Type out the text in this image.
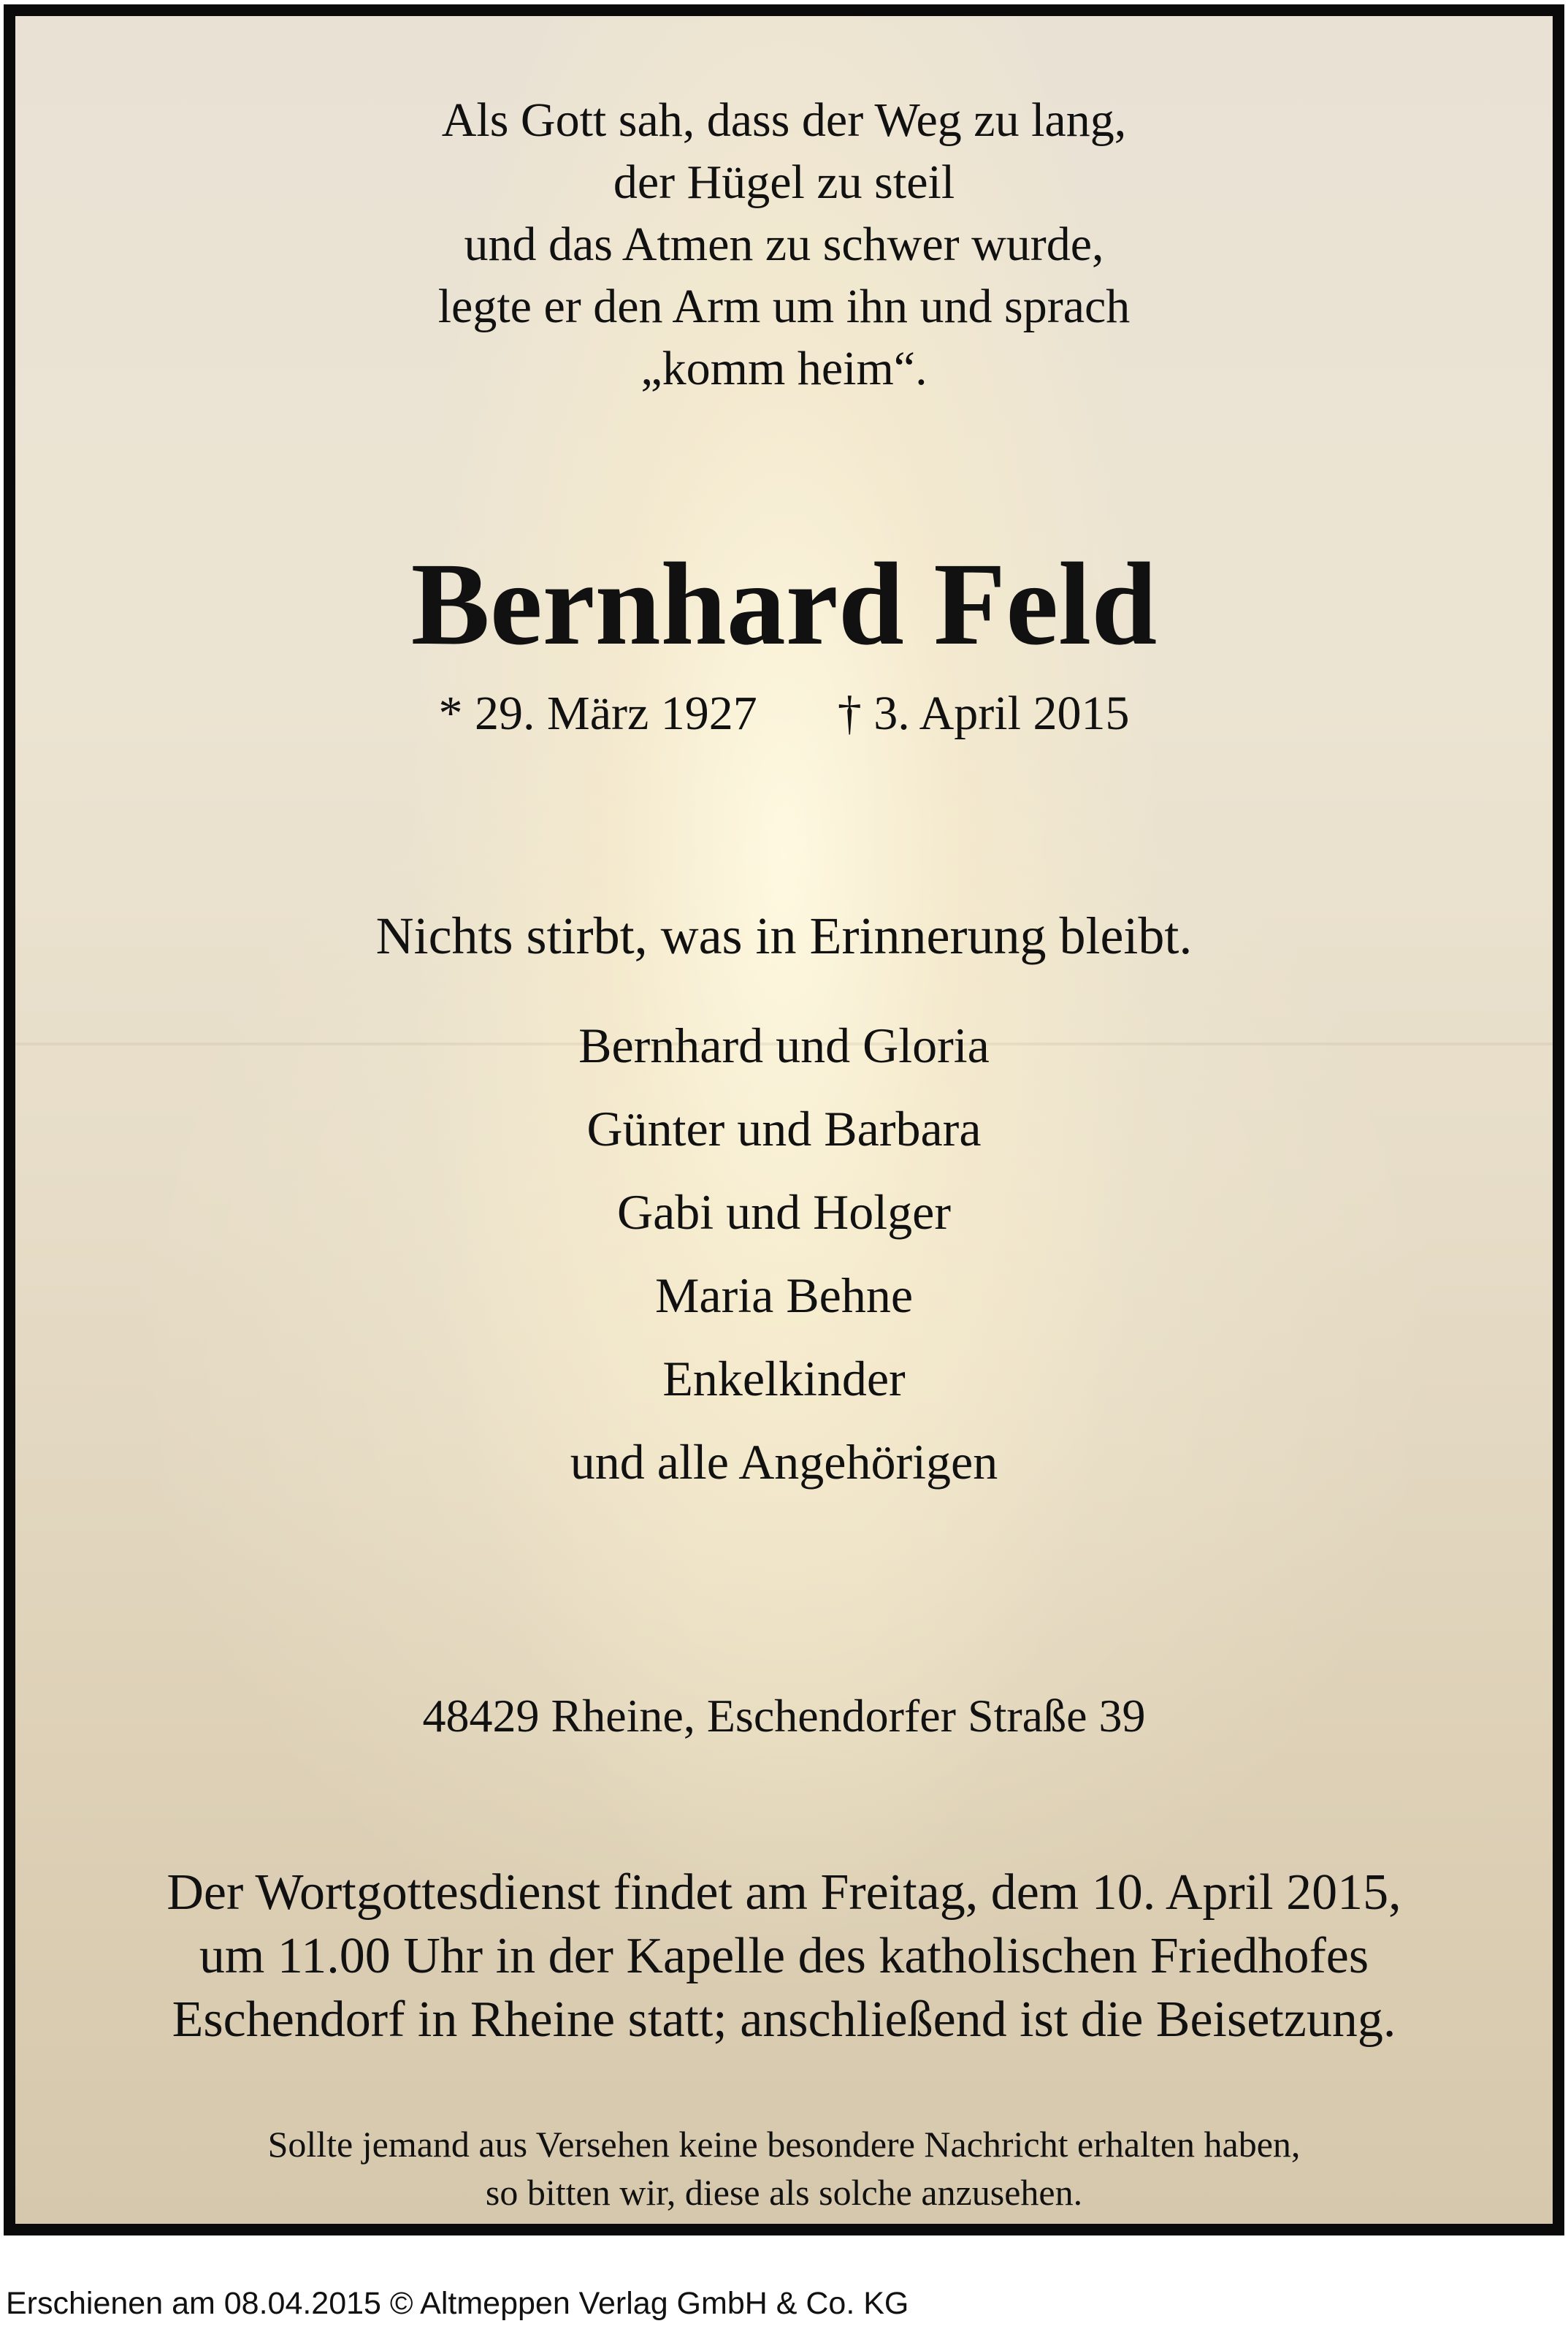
Als Gott sah, dass der Weg zu lang,
der Hügel zu steil
und das Atmen zu schwer wurde,
legte er den Arm um ihn und sprach
„komm heim“.
Bernhard Feld
* 29. März 1927 † 3. April 2015
Nichts stirbt, was in Erinnerung bleibt.
Bernhard und Gloria
Günter und Barbara
Gabi und Holger
Maria Behne
Enkelkinder
und alle Angehörigen
48429 Rheine, Eschendorfer Straße 39
Der Wortgottesdienst findet am Freitag, dem 10. April 2015,
um 11.00 Uhr in der Kapelle des katholischen Friedhofes
Eschendorf in Rheine statt; anschließend ist die Beisetzung.
Sollte jemand aus Versehen keine besondere Nachricht erhalten haben,
so bitten wir, diese als solche anzusehen.
Erschienen am 08.04.2015 © Altmeppen Verlag GmbH & Co. KG
